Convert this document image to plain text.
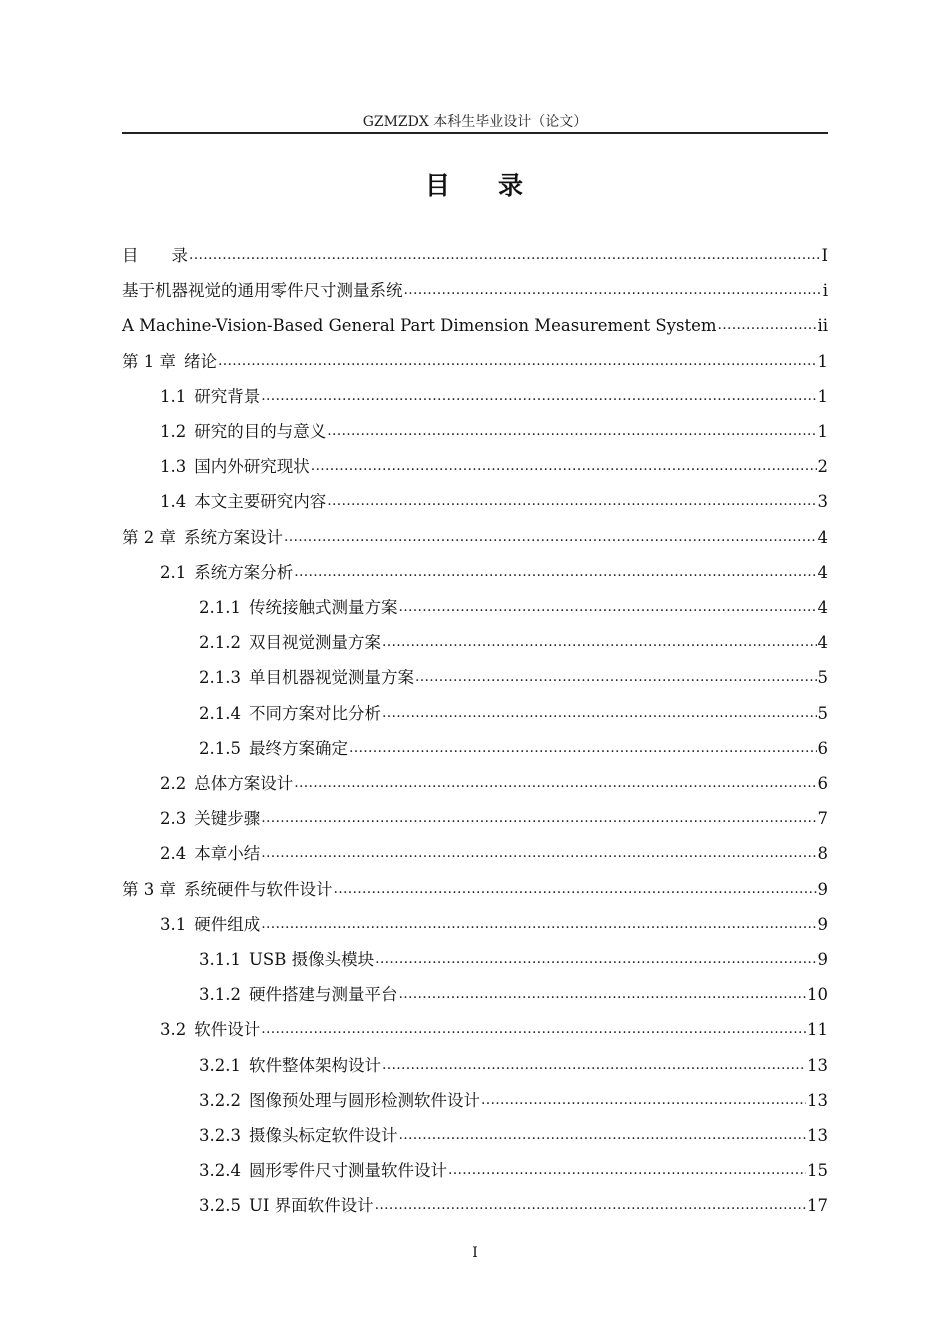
GZMZDX 本科生毕业设计（论文）
目 录
目　　录 .....	I
基于机器视觉的通用零件尺寸测量系统 .....	i
A Machine-Vision-Based General Part Dimension Measurement System .....	ii
第 1 章 绪论 .....	1
1.1 研究背景 .....	1
1.2 研究的目的与意义 .....	1
1.3 国内外研究现状 .....	2
1.4 本文主要研究内容 .....	3
第 2 章 系统方案设计 .....	4
2.1 系统方案分析 .....	4
2.1.1 传统接触式测量方案 .....	4
2.1.2 双目视觉测量方案 .....	4
2.1.3 单目机器视觉测量方案 .....	5
2.1.4 不同方案对比分析 .....	5
2.1.5 最终方案确定 .....	6
2.2 总体方案设计 .....	6
2.3 关键步骤 .....	7
2.4 本章小结 .....	8
第 3 章 系统硬件与软件设计 .....	9
3.1 硬件组成 .....	9
3.1.1 USB 摄像头模块 .....	9
3.1.2 硬件搭建与测量平台 .....	10
3.2 软件设计 .....	11
3.2.1 软件整体架构设计 .....	13
3.2.2 图像预处理与圆形检测软件设计 .....	13
3.2.3 摄像头标定软件设计 .....	13
3.2.4 圆形零件尺寸测量软件设计 .....	15
3.2.5 UI 界面软件设计 .....	17
I
